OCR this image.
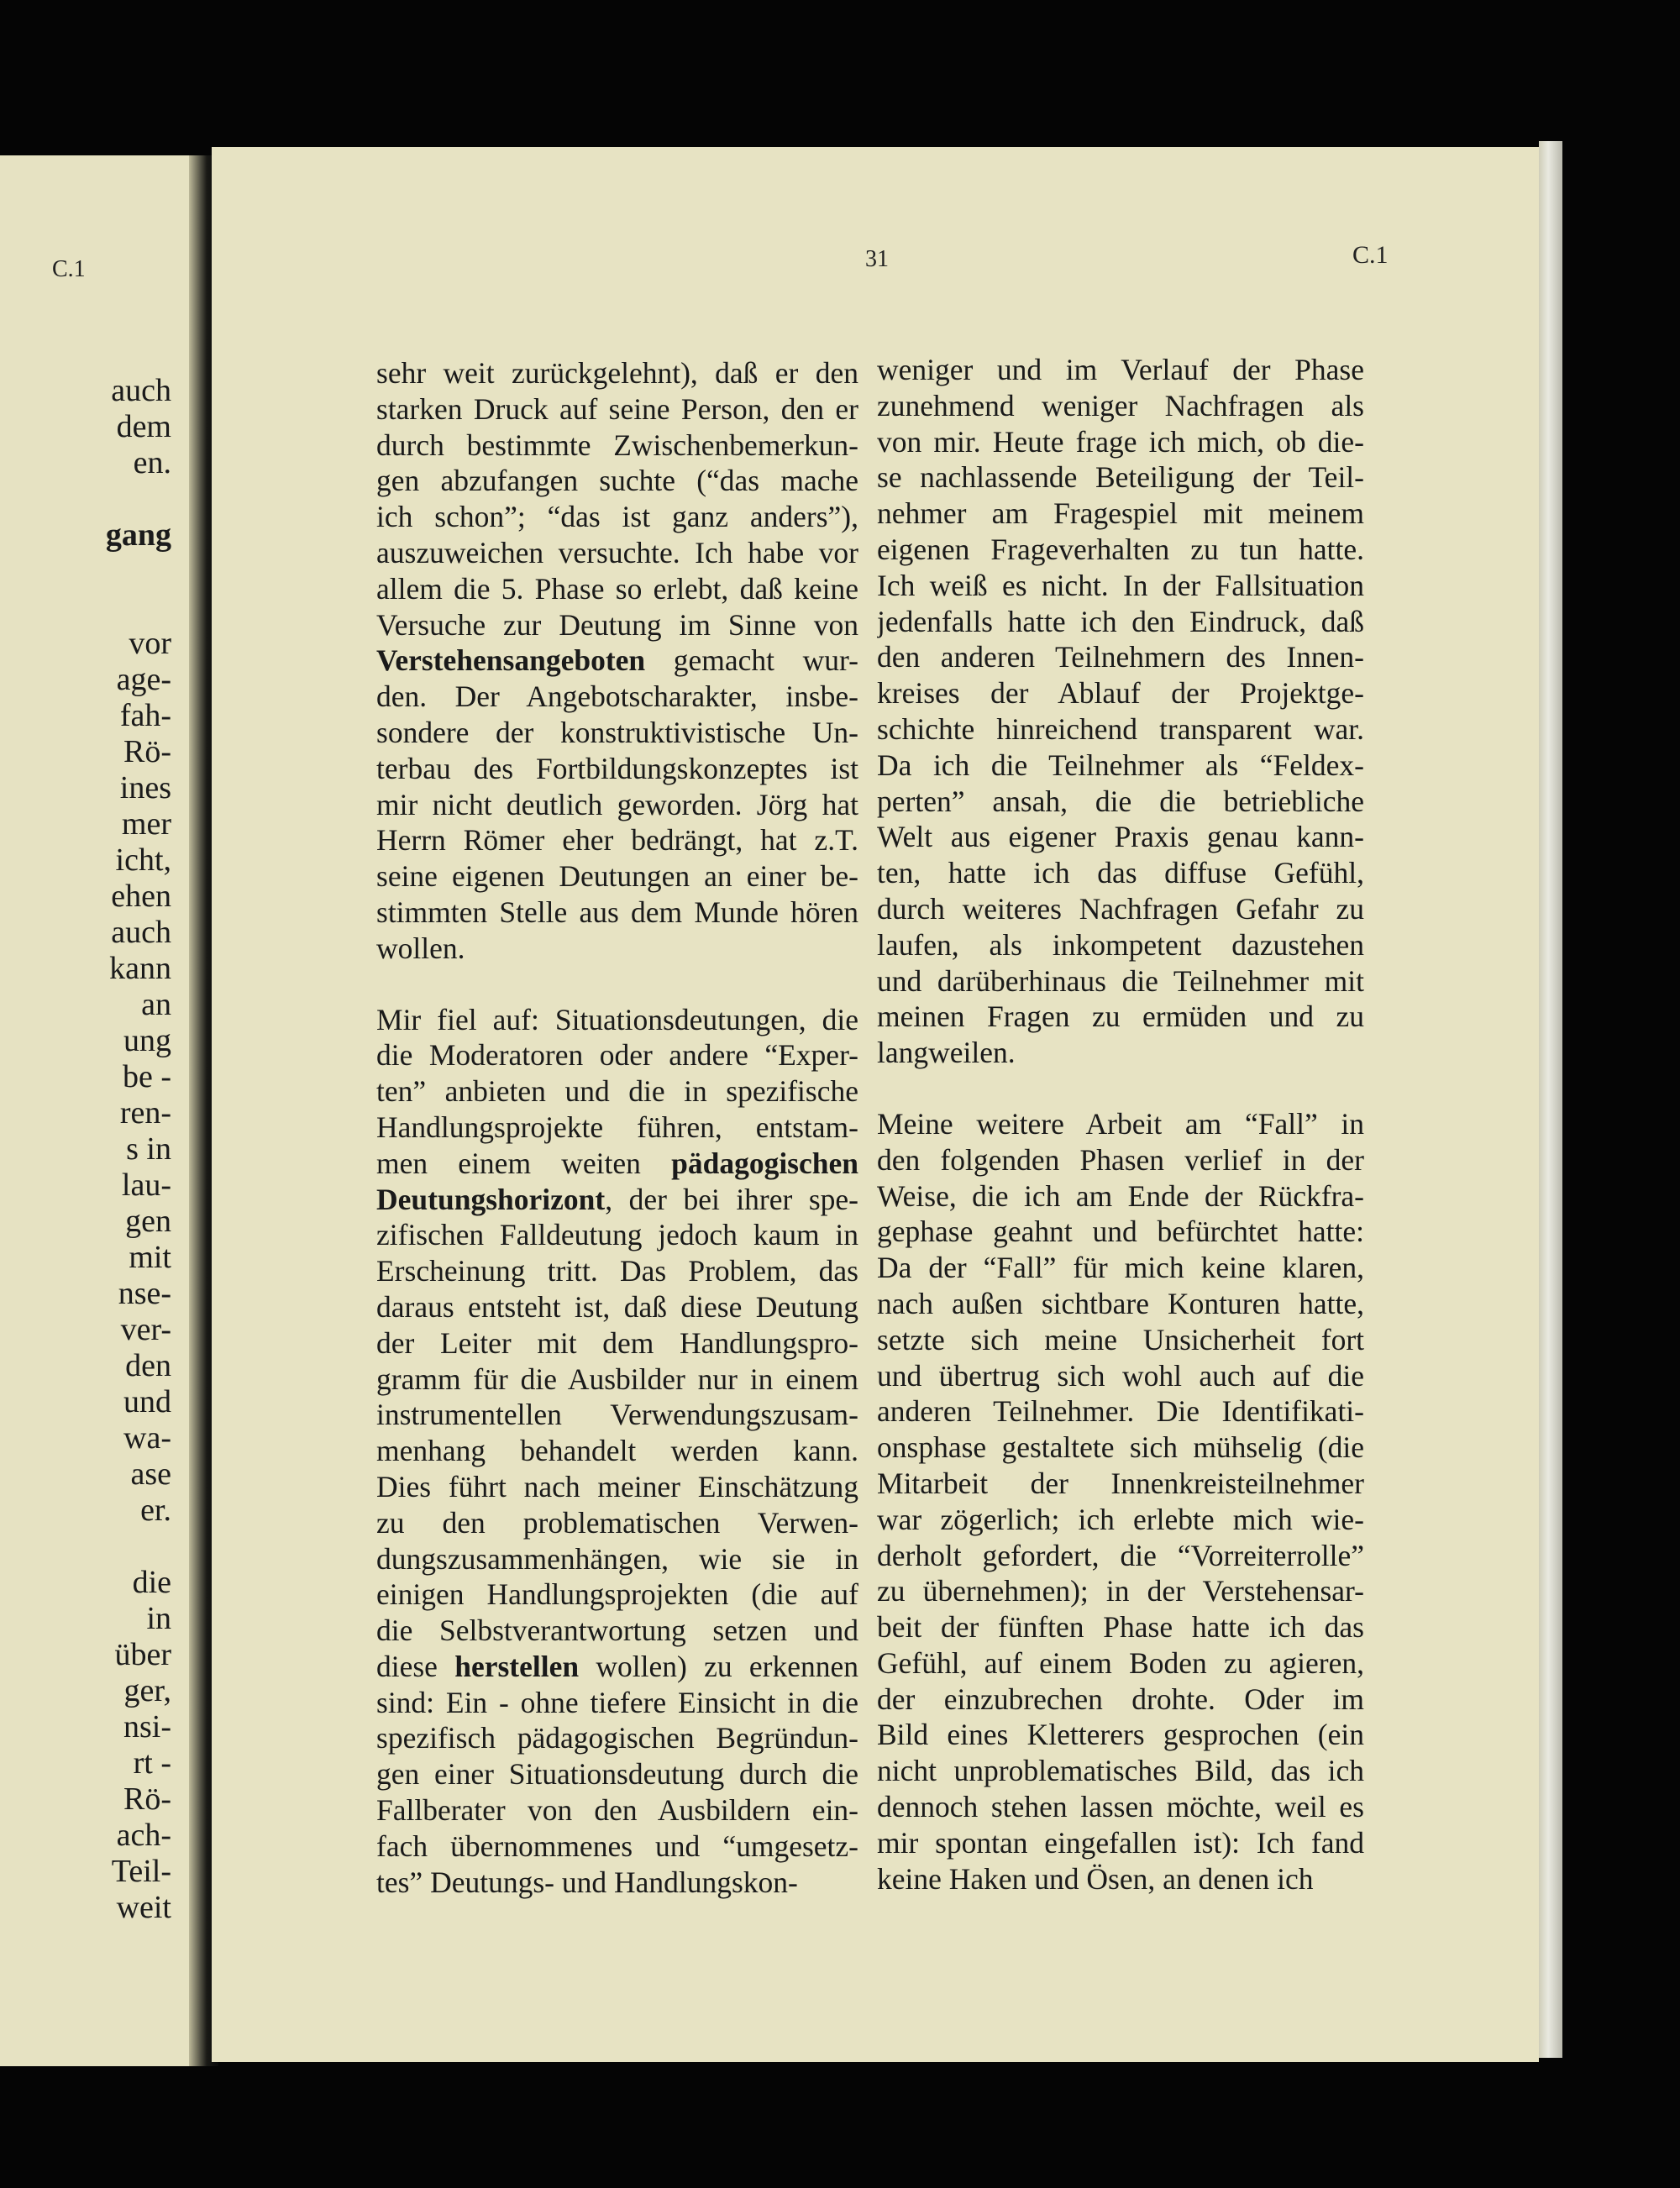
C.1
auch
dem
en.
gang
vor
age-
fah-
Rö-
ines
mer
icht,
ehen
auch
kann
an
ung
be -
ren-
s in
lau-
gen
mit
nse-
ver-
den
und
wa-
ase
er.
die
in
über
ger,
nsi-
rt -
Rö-
ach-
Teil-
weit
31	C.1

sehr weit zurückgelehnt), daß er den
starken Druck auf seine Person, den er
durch bestimmte Zwischenbemerkun-
gen abzufangen suchte (“das mache
ich schon”; “das ist ganz anders”),
auszuweichen versuchte. Ich habe vor
allem die 5. Phase so erlebt, daß keine
Versuche zur Deutung im Sinne von
Verstehensangeboten gemacht wur-
den. Der Angebotscharakter, insbe-
sondere der konstruktivistische Un-
terbau des Fortbildungskonzeptes ist
mir nicht deutlich geworden. Jörg hat
Herrn Römer eher bedrängt, hat z.T.
seine eigenen Deutungen an einer be-
stimmten Stelle aus dem Munde hören
wollen.

Mir fiel auf: Situationsdeutungen, die
die Moderatoren oder andere “Exper-
ten” anbieten und die in spezifische
Handlungsprojekte führen, entstam-
men einem weiten pädagogischen
Deutungshorizont, der bei ihrer spe-
zifischen Falldeutung jedoch kaum in
Erscheinung tritt. Das Problem, das
daraus entsteht ist, daß diese Deutung
der Leiter mit dem Handlungspro-
gramm für die Ausbilder nur in einem
instrumentellen Verwendungszusam-
menhang behandelt werden kann.
Dies führt nach meiner Einschätzung
zu den problematischen Verwen-
dungszusammenhängen, wie sie in
einigen Handlungsprojekten (die auf
die Selbstverantwortung setzen und
diese herstellen wollen) zu erkennen
sind: Ein - ohne tiefere Einsicht in die
spezifisch pädagogischen Begründun-
gen einer Situationsdeutung durch die
Fallberater von den Ausbildern ein-
fach übernommenes und “umgesetz-
tes” Deutungs- und Handlungskon-

weniger und im Verlauf der Phase
zunehmend weniger Nachfragen als
von mir. Heute frage ich mich, ob die-
se nachlassende Beteiligung der Teil-
nehmer am Fragespiel mit meinem
eigenen Frageverhalten zu tun hatte.
Ich weiß es nicht. In der Fallsituation
jedenfalls hatte ich den Eindruck, daß
den anderen Teilnehmern des Innen-
kreises der Ablauf der Projektge-
schichte hinreichend transparent war.
Da ich die Teilnehmer als “Feldex-
perten” ansah, die die betriebliche
Welt aus eigener Praxis genau kann-
ten, hatte ich das diffuse Gefühl,
durch weiteres Nachfragen Gefahr zu
laufen, als inkompetent dazustehen
und darüberhinaus die Teilnehmer mit
meinen Fragen zu ermüden und zu
langweilen.

Meine weitere Arbeit am “Fall” in
den folgenden Phasen verlief in der
Weise, die ich am Ende der Rückfra-
gephase geahnt und befürchtet hatte:
Da der “Fall” für mich keine klaren,
nach außen sichtbare Konturen hatte,
setzte sich meine Unsicherheit fort
und übertrug sich wohl auch auf die
anderen Teilnehmer. Die Identifikati-
onsphase gestaltete sich mühselig (die
Mitarbeit der Innenkreisteilnehmer
war zögerlich; ich erlebte mich wie-
derholt gefordert, die “Vorreiterrolle”
zu übernehmen); in der Verstehensar-
beit der fünften Phase hatte ich das
Gefühl, auf einem Boden zu agieren,
der einzubrechen drohte. Oder im
Bild eines Kletterers gesprochen (ein
nicht unproblematisches Bild, das ich
dennoch stehen lassen möchte, weil es
mir spontan eingefallen ist): Ich fand
keine Haken und Ösen, an denen ich
